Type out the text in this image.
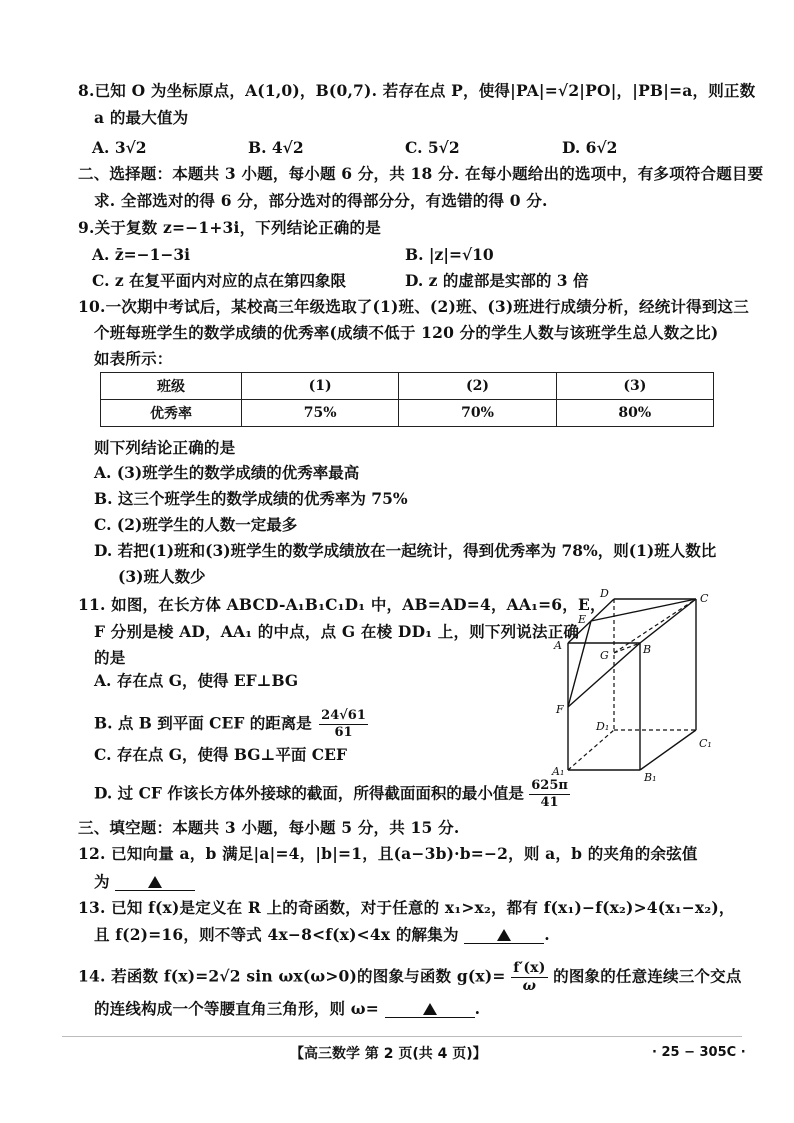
8.已知 O 为坐标原点，A(1,0)，B(0,7). 若存在点 P，使得|PA|=√2|PO|，|PB|=a，则正数
a 的最大值为
A. 3√2	B. 4√2	C. 5√2	D. 6√2
二、选择题：本题共 3 小题，每小题 6 分，共 18 分. 在每小题给出的选项中，有多项符合题目要
求. 全部选对的得 6 分，部分选对的得部分分，有选错的得 0 分.
9.关于复数 z=−1+3i，下列结论正确的是
A. z̄=−1−3i	B. |z|=√10
C. z 在复平面内对应的点在第四象限	D. z 的虚部是实部的 3 倍
10.一次期中考试后，某校高三年级选取了(1)班、(2)班、(3)班进行成绩分析，经统计得到这三
个班每班学生的数学成绩的优秀率(成绩不低于 120 分的学生人数与该班学生总人数之比)
如表所示：
班级	(1)	(2)	(3)
优秀率	75%	70%	80%
则下列结论正确的是
A. (3)班学生的数学成绩的优秀率最高
B. 这三个班学生的数学成绩的优秀率为 75%
C. (2)班学生的人数一定最多
D. 若把(1)班和(3)班学生的数学成绩放在一起统计，得到优秀率为 78%，则(1)班人数比
(3)班人数少
11. 如图，在长方体 ABCD-A₁B₁C₁D₁ 中，AB=AD=4，AA₁=6，E，
F 分别是棱 AD，AA₁ 的中点，点 G 在棱 DD₁ 上，则下列说法正确
的是
A. 存在点 G，使得 EF⊥BG
B. 点 B 到平面 CEF 的距离是 $\frac{24√61}{61}$
C. 存在点 G，使得 BG⊥平面 CEF
D. 过 CF 作该长方体外接球的截面，所得截面面积的最小值是 $\frac{625\pi}{41}$
D	C
E
A
G	B
F
D₁
C₁
A₁	B₁
三、填空题：本题共 3 小题，每小题 5 分，共 15 分.
12. 已知向量 a，b 满足|a|=4，|b|=1，且(a−3b)·b=−2，则 a，b 的夹角的余弦值
为
13. 已知 f(x)是定义在 R 上的奇函数，对于任意的 x₁>x₂，都有 f(x₁)−f(x₂)>4(x₁−x₂)，
且 f(2)=16，则不等式 4x−8<f(x)<4x 的解集为	.
14. 若函数 f(x)=2√2 sin ωx(ω>0)的图象与函数 $g(x)= \frac{f'(x)}{\omega}$ 的图象的任意连续三个交点
的连线构成一个等腰直角三角形，则 ω=	.
【高三数学 第 2 页(共 4 页)】	· 25 − 305C ·
